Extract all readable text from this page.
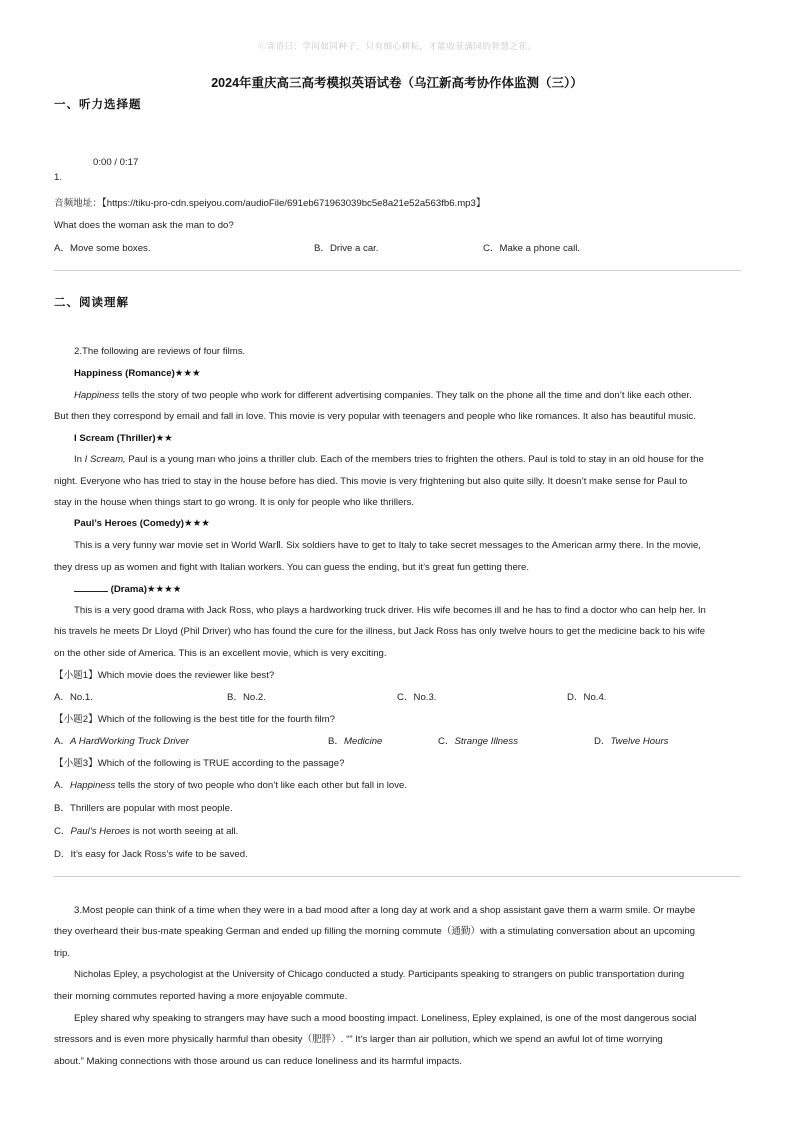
ⓒ寄语曰：学问如同种子，只有细心耕耘，才能收获满园的智慧之花。
2024年重庆高三高考模拟英语试卷（乌江新高考协作体监测（三））
一、听力选择题
0:00 / 0:17
1.
音频地址：【https://tiku-pro-cdn.speiyou.com/audioFile/691eb671963039bc5e8a21e52a563fb6.mp3】
What does the woman ask the man to do?
A．Move some boxes.	B．Drive a car.	C．Make a phone call.
二、阅读理解
2.The following are reviews of four films.
Happiness (Romance)★★★
Happiness tells the story of two people who work for different advertising companies. They talk on the phone all the time and don’t like each other.
But then they correspond by email and fall in love. This movie is very popular with teenagers and people who like romances. It also has beautiful music.
I Scream (Thriller)★★
In I Scream, Paul is a young man who joins a thriller club. Each of the members tries to frighten the others. Paul is told to stay in an old house for the
night. Everyone who has tried to stay in the house before has died. This movie is very frightening but also quite silly. It doesn’t make sense for Paul to
stay in the house when things start to go wrong. It is only for people who like thrillers.
Paul’s Heroes (Comedy)★★★
This is a very funny war movie set in World WarⅡ. Six soldiers have to get to Italy to take secret messages to the American army there. In the movie,
they dress up as women and fight with Italian workers. You can guess the ending, but it’s great fun getting there.
(Drama)★★★★
This is a very good drama with Jack Ross, who plays a hardworking truck driver. His wife becomes ill and he has to find a doctor who can help her. In
his travels he meets Dr Lloyd (Phil Driver) who has found the cure for the illness, but Jack Ross has only twelve hours to get the medicine back to his wife
on the other side of America. This is an excellent movie, which is very exciting.
【小题1】Which movie does the reviewer like best?
A．No.1.	B．No.2.	C．No.3.	D．No.4.
【小题2】Which of the following is the best title for the fourth film?
A．A HardWorking Truck Driver	B．Medicine	C．Strange Illness	D．Twelve Hours
【小题3】Which of the following is TRUE according to the passage?
A．Happiness tells the story of two people who don’t like each other but fall in love.
B．Thrillers are popular with most people.
C．Paul’s Heroes is not worth seeing at all.
D．It’s easy for Jack Ross’s wife to be saved.
3.Most people can think of a time when they were in a bad mood after a long day at work and a shop assistant gave them a warm smile. Or maybe
they overheard their bus-mate speaking German and ended up filling the morning commute（通勤）with a stimulating conversation about an upcoming
trip.
Nicholas Epley, a psychologist at the University of Chicago conducted a study. Participants speaking to strangers on public transportation during
their morning commutes reported having a more enjoyable commute.
Epley shared why speaking to strangers may have such a mood boosting impact. Loneliness, Epley explained, is one of the most dangerous social
stressors and is even more physically harmful than obesity（肥胖）. “” It’s larger than air pollution, which we spend an awful lot of time worrying
about.” Making connections with those around us can reduce loneliness and its harmful impacts.
